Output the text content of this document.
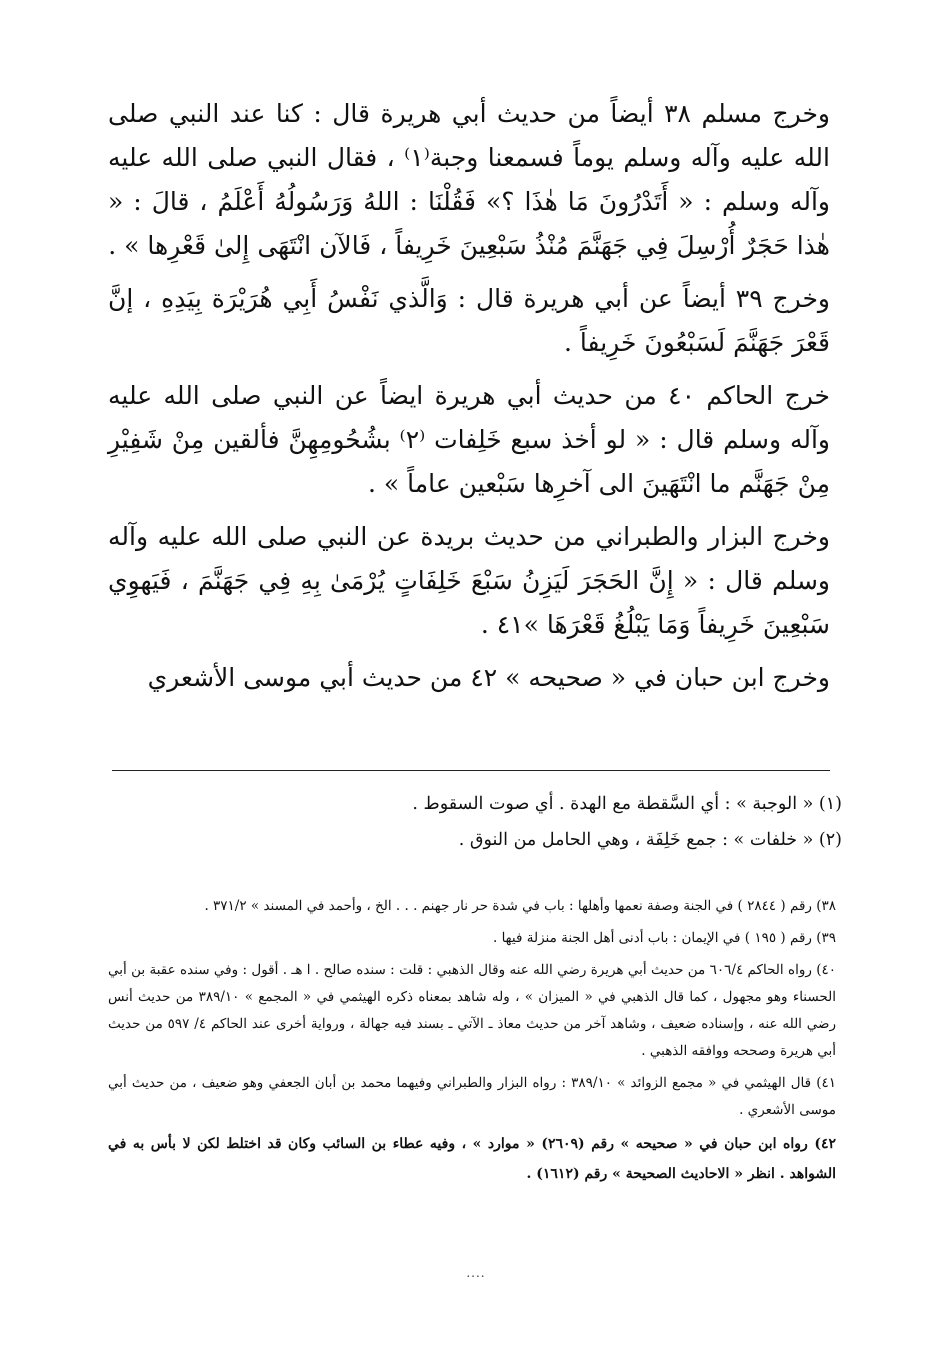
وخرج مسلم ٣٨ أيضاً من حديث أبي هريرة قال : كنا عند النبي صلى الله عليه وآله وسلم يوماً فسمعنا وجبة⁽١⁾ ، فقال النبي صلى الله عليه وآله وسلم : « أَتَدْرُونَ مَا هٰذَا ؟» فَقُلْنَا : اللهُ وَرَسُولُهُ أَعْلَمُ ، قالَ : « هٰذا حَجَرٌ أُرْسِلَ فِي جَهَنَّمَ مُنْذُ سَبْعِينَ خَرِيفاً ، فَالآن انْتَهَى إِلىٰ قَعْرِها » .

وخرج ٣٩ أيضاً عن أبي هريرة قال : وَالَّذي نَفْسُ أَبِي هُرَيْرَة بِيَدِهِ ، إنَّ قَعْرَ جَهَنَّمَ لَسَبْعُونَ خَرِيفاً .

خرج الحاكم ٤٠ من حديث أبي هريرة ايضاً عن النبي صلى الله عليه وآله وسلم قال : « لو أخذ سبع خَلِفات ⁽٢⁾ بشُحُومِهِنَّ فألقين مِنْ شَفِيْرِ مِنْ جَهَنَّم ما انْتَهَينَ الى آخرِها سَبْعين عاماً » .

وخرج البزار والطبراني من حديث بريدة عن النبي صلى الله عليه وآله وسلم قال : « إِنَّ الحَجَرَ لَيَزِنُ سَبْعَ خَلِفَاتٍ يُرْمَىٰ بِهِ فِي جَهَنَّمَ ، فَيَهوِي سَبْعِينَ خَرِيفاً وَمَا يَبْلُغُ قَعْرَهَا »٤١ .

وخرج ابن حبان في « صحيحه » ٤٢ من حديث أبي موسى الأشعري

(١) « الوجبة » : أي السَّقطة مع الهدة . أي صوت السقوط .

(٢) « خلفات » : جمع خَلِفَة ، وهي الحامل من النوق .

٣٨) رقم ( ٢٨٤٤ ) في الجنة وصفة نعمها وأهلها : باب في شدة حر نار جهنم . . . الخ ، وأحمد في المسند » ٣٧١/٢ .

٣٩) رقم ( ١٩٥ ) في الإيمان : باب أدنى أهل الجنة منزلة فيها .

٤٠) رواه الحاكم ٦٠٦/٤ من حديث أبي هريرة رضي الله عنه وقال الذهبي : قلت : سنده صالح . ا هـ . أقول : وفي سنده عقبة بن أبي الحسناء وهو مجهول ، كما قال الذهبي في « الميزان » ، وله شاهد بمعناه ذكره الهيثمي في « المجمع » ٣٨٩/١٠ من حديث أنس رضي الله عنه ، وإسناده ضعيف ، وشاهد آخر من حديث معاذ ـ الآتي ـ بسند فيه جهالة ، ورواية أخرى عند الحاكم ٤/ ٥٩٧ من حديث أبي هريرة وصححه ووافقه الذهبي .

٤١) قال الهيثمي في « مجمع الزوائد » ٣٨٩/١٠ : رواه البزار والطبراني وفيهما محمد بن أبان الجعفي وهو ضعيف ، من حديث أبي موسى الأشعري .

٤٢) رواه ابن حبان في « صحيحه » رقم (٢٦٠٩) « موارد » ، وفيه عطاء بن السائب وكان قد اختلط لكن لا بأس به في الشواهد . انظر « الاحاديث الصحيحة » رقم (١٦١٢) .

....
